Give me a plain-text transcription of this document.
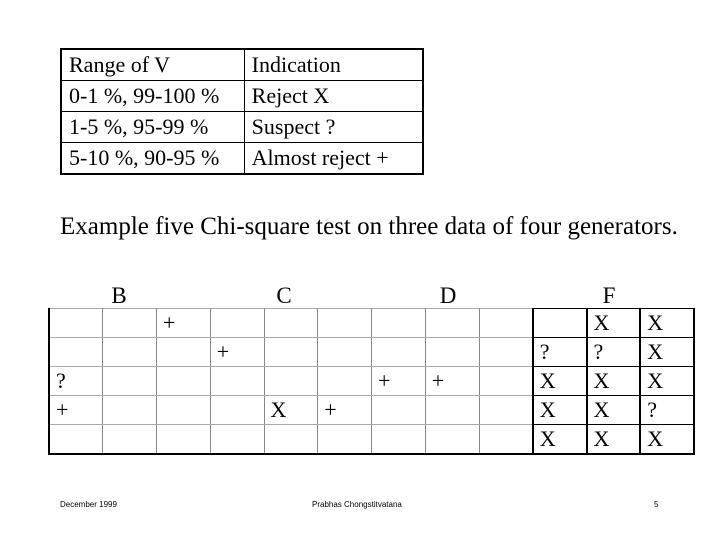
Range of V	Indication
0-1 %, 99-100 %	Reject X
1-5 %, 95-99 %	Suspect ?
5-10 %, 90-95 %	Almost reject +
Example five Chi-square test on three data of four generators.
B	C	D	F
		+								X	X
			+						?	?	X
?						+	+		X	X	X
+				X	+				X	X	?
									X	X	X
December 1999	Prabhas Chongstitvatana	5
